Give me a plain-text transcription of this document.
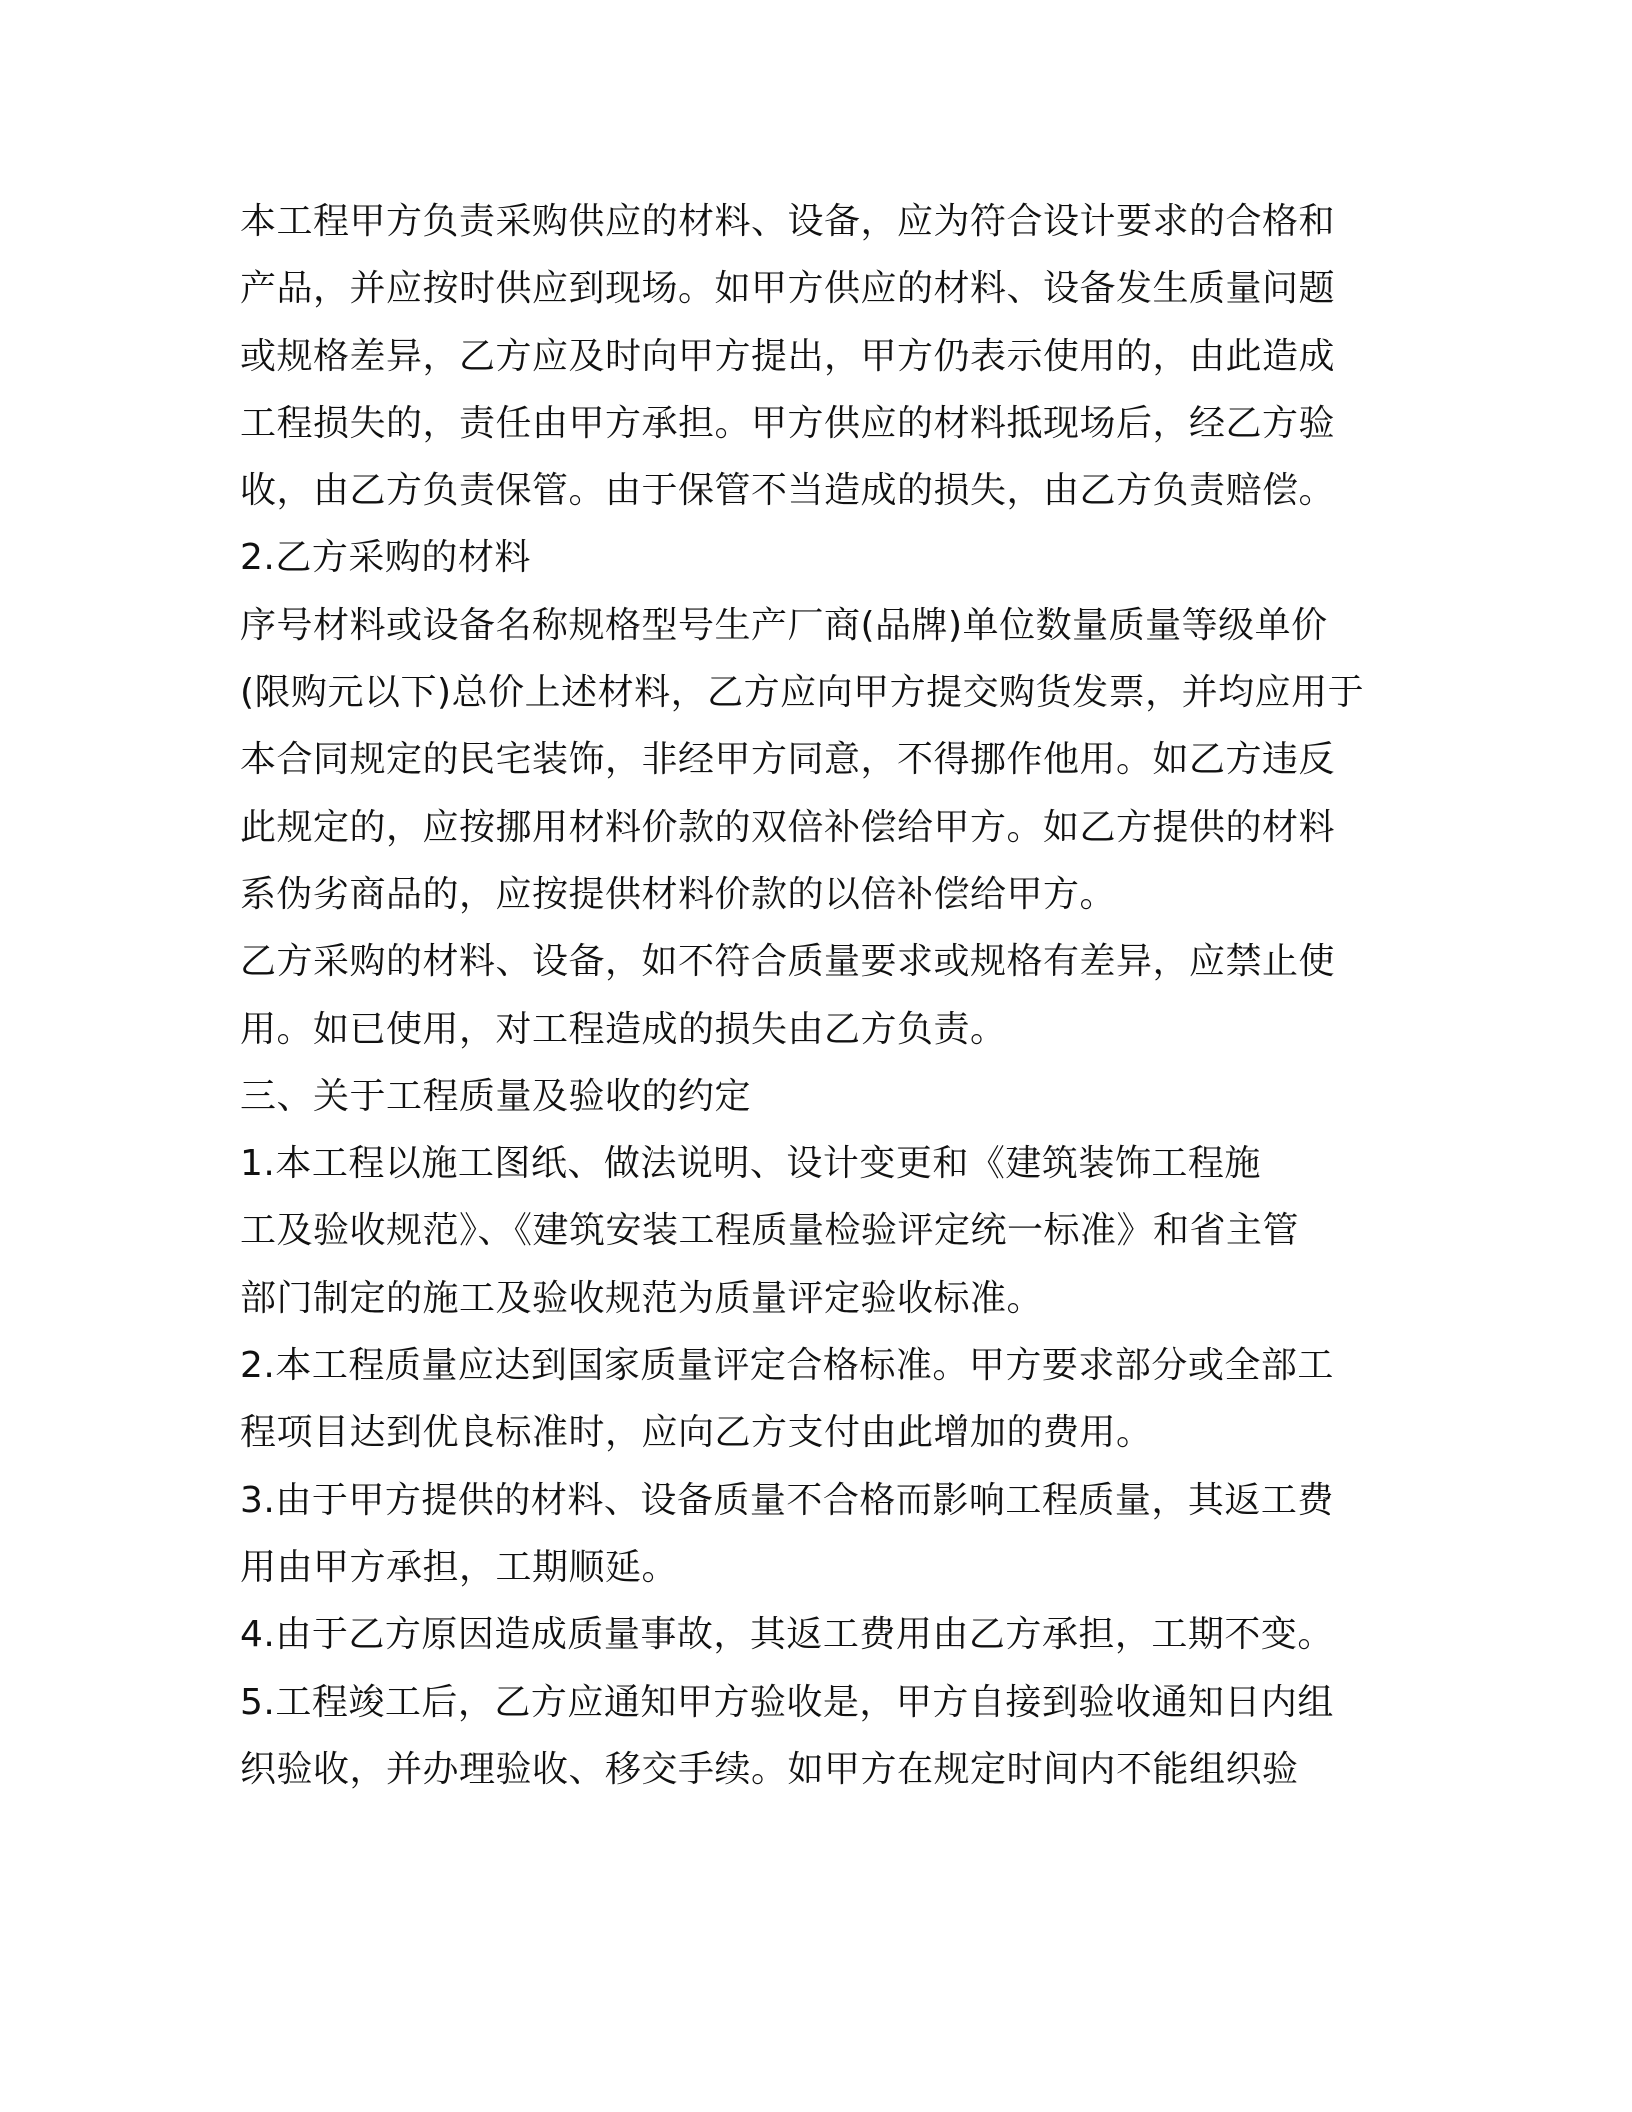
本工程甲方负责采购供应的材料、设备，应为符合设计要求的合格和
产品，并应按时供应到现场。如甲方供应的材料、设备发生质量问题
或规格差异，乙方应及时向甲方提出，甲方仍表示使用的，由此造成
工程损失的，责任由甲方承担。甲方供应的材料抵现场后，经乙方验
收，由乙方负责保管。由于保管不当造成的损失，由乙方负责赔偿。
2.乙方采购的材料
序号材料或设备名称规格型号生产厂商(品牌)单位数量质量等级单价
(限购元以下)总价上述材料，乙方应向甲方提交购货发票，并均应用于
本合同规定的民宅装饰，非经甲方同意，不得挪作他用。如乙方违反
此规定的，应按挪用材料价款的双倍补偿给甲方。如乙方提供的材料
系伪劣商品的，应按提供材料价款的以倍补偿给甲方。
乙方采购的材料、设备，如不符合质量要求或规格有差异，应禁止使
用。如已使用，对工程造成的损失由乙方负责。
三、关于工程质量及验收的约定
1.本工程以施工图纸、做法说明、设计变更和《建筑装饰工程施
工及验收规范》、《建筑安装工程质量检验评定统一标准》和省主管
部门制定的施工及验收规范为质量评定验收标准。
2.本工程质量应达到国家质量评定合格标准。甲方要求部分或全部工
程项目达到优良标准时，应向乙方支付由此增加的费用。
3.由于甲方提供的材料、设备质量不合格而影响工程质量，其返工费
用由甲方承担，工期顺延。
4.由于乙方原因造成质量事故，其返工费用由乙方承担，工期不变。
5.工程竣工后，乙方应通知甲方验收是，甲方自接到验收通知日内组
织验收，并办理验收、移交手续。如甲方在规定时间内不能组织验
